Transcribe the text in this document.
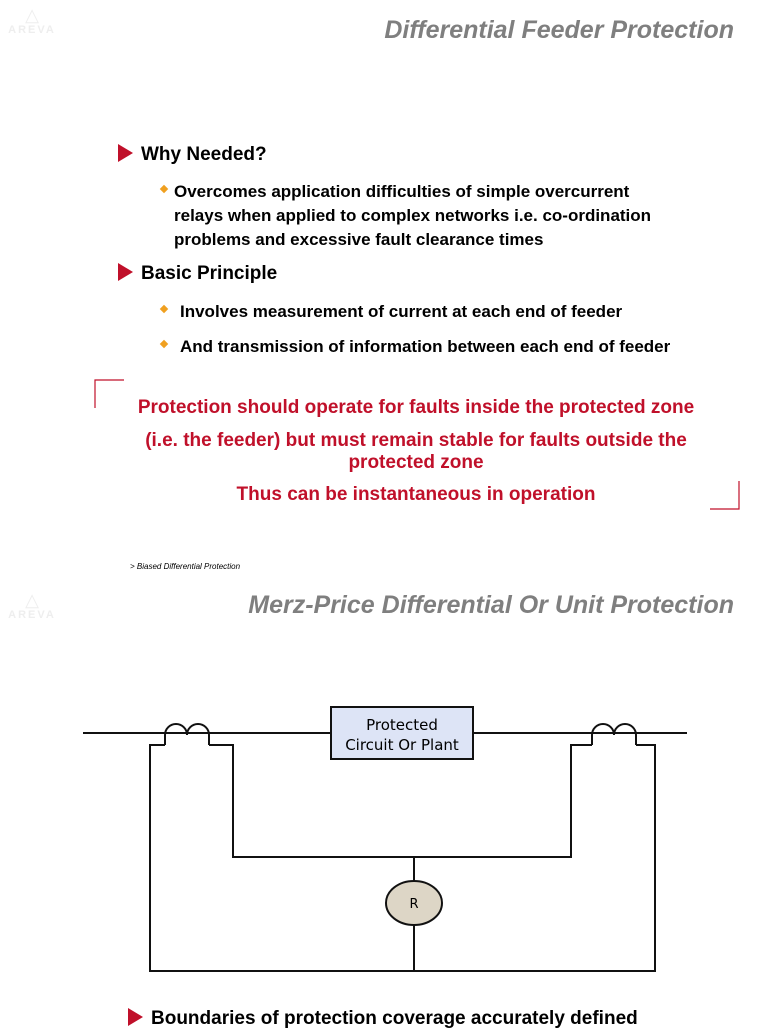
△
AREVA	Differential Feeder Protection
Why Needed?
Overcomes application difficulties of simple overcurrent
relays when applied to complex networks i.e. co-ordination
problems and excessive fault clearance times
Basic Principle
Involves measurement of current at each end of feeder
And transmission of information between each end of feeder
Protection should operate for faults inside the protected zone
(i.e. the feeder) but must remain stable for faults outside the
protected zone
Thus can be instantaneous in operation
> Biased Differential Protection
△
AREVA	Merz-Price Differential Or Unit Protection
Protected
Circuit Or Plant
R
Boundaries of protection coverage accurately defined
